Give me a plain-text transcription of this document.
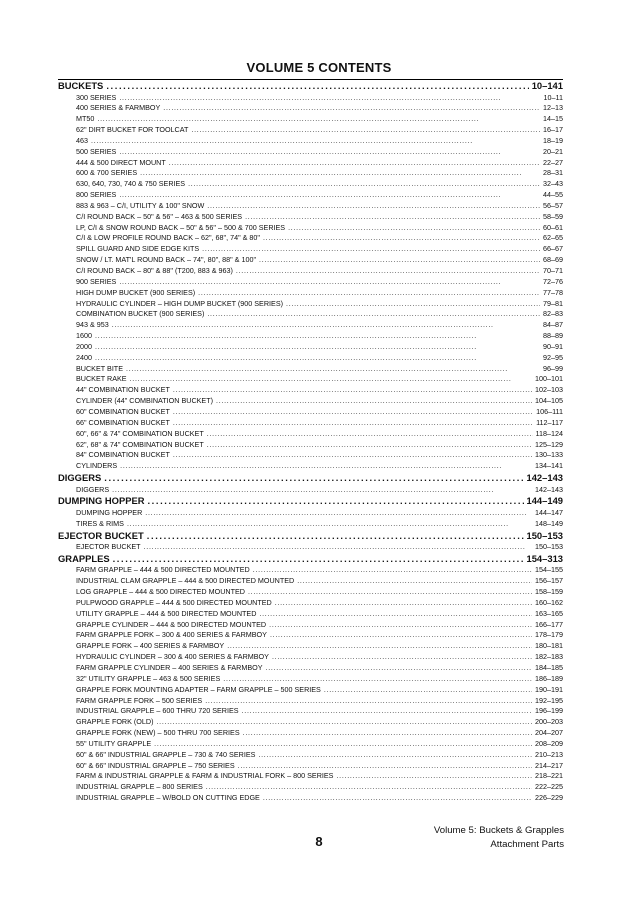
VOLUME 5 CONTENTS
BUCKETS . . .	10–141
300 SERIES . . .	10–11
400 SERIES & FARMBOY . . .	12–13
MT50 . . .	14–15
62" DIRT BUCKET FOR TOOLCAT . . .	16–17
463 . . .	18–19
500 SERIES . . .	20–21
444 & 500 DIRECT MOUNT . . .	22–27
600 & 700 SERIES . . .	28–31
630, 640, 730, 740 & 750 SERIES . . .	32–43
800 SERIES . . .	44–55
883 & 963 – C/I, UTILITY & 100" SNOW . . .	56–57
C/I ROUND BACK – 50" & 56" – 463 & 500 SERIES . . .	58–59
LP, C/I & SNOW ROUND BACK – 50" & 56" – 500 & 700 SERIES . . .	60–61
C/I & LOW PROFILE ROUND BACK – 62", 68", 74" & 80" . . .	62–65
SPILL GUARD AND SIDE EDGE KITS . . .	66–67
SNOW / LT. MAT'L ROUND BACK – 74", 80", 88" & 100" . . .	68–69
C/I ROUND BACK – 80" & 88" (T200, 883 & 963) . . .	70–71
900 SERIES . . .	72–76
HIGH DUMP BUCKET (900 SERIES) . . .	77–78
HYDRAULIC CYLINDER – HIGH DUMP BUCKET (900 SERIES) . . .	79–81
COMBINATION BUCKET (900 SERIES) . . .	82–83
943 & 953 . . .	84–87
1600 . . .	88–89
2000 . . .	90–91
2400 . . .	92–95
BUCKET BITE . . .	96–99
BUCKET RAKE . . .	100–101
44" COMBINATION BUCKET . . .	102–103
CYLINDER (44" COMBINATION BUCKET) . . .	104–105
60" COMBINATION BUCKET . . .	106–111
66" COMBINATION BUCKET . . .	112–117
60", 66" & 74" COMBINATION BUCKET . . .	118–124
62", 68" & 74" COMBINATION BUCKET . . .	125–129
84" COMBINATION BUCKET . . .	130–133
CYLINDERS . . .	134–141
DIGGERS . . .	142–143
DIGGERS . . .	142–143
DUMPING HOPPER . . .	144–149
DUMPING HOPPER . . .	144–147
TIRES & RIMS . . .	148–149
EJECTOR BUCKET . . .	150–153
EJECTOR BUCKET . . .	150–153
GRAPPLES . . .	154–313
FARM GRAPPLE – 444 & 500 DIRECTED MOUNTED . . .	154–155
INDUSTRIAL CLAM GRAPPLE – 444 & 500 DIRECTED MOUNTED . . .	156–157
LOG GRAPPLE – 444 & 500 DIRECTED MOUNTED . . .	158–159
PULPWOOD GRAPPLE – 444 & 500 DIRECTED MOUNTED . . .	160–162
UTILITY GRAPPLE – 444 & 500 DIRECTED MOUNTED . . .	163–165
GRAPPLE CYLINDER – 444 & 500 DIRECTED MOUNTED . . .	166–177
FARM GRAPPLE FORK – 300 & 400 SERIES & FARMBOY . . .	178–179
GRAPPLE FORK – 400 SERIES & FARMBOY . . .	180–181
HYDRAULIC CYLINDER – 300 & 400 SERIES & FARMBOY . . .	182–183
FARM GRAPPLE CYLINDER – 400 SERIES & FARMBOY . . .	184–185
32" UTILITY GRAPPLE – 463 & 500 SERIES . . .	186–189
GRAPPLE FORK MOUNTING ADAPTER – FARM GRAPPLE – 500 SERIES . . .	190–191
FARM GRAPPLE FORK – 500 SERIES . . .	192–195
INDUSTRIAL GRAPPLE – 600 THRU 720 SERIES . . .	196–199
GRAPPLE FORK (OLD) . . .	200–203
GRAPPLE FORK (NEW) – 500 THRU 700 SERIES . . .	204–207
55" UTILITY GRAPPLE . . .	208–209
60" & 66" INDUSTRIAL GRAPPLE – 730 & 740 SERIES . . .	210–213
60" & 66" INDUSTRIAL GRAPPLE – 750 SERIES . . .	214–217
FARM & INDUSTRIAL GRAPPLE & FARM & INDUSTRIAL FORK – 800 SERIES . . .	218–221
INDUSTRIAL GRAPPLE – 800 SERIES . . .	222–225
INDUSTRIAL GRAPPLE – W/BOLD ON CUTTING EDGE . . .	226–229
Volume 5: Buckets & Grapples
Attachment Parts
8
